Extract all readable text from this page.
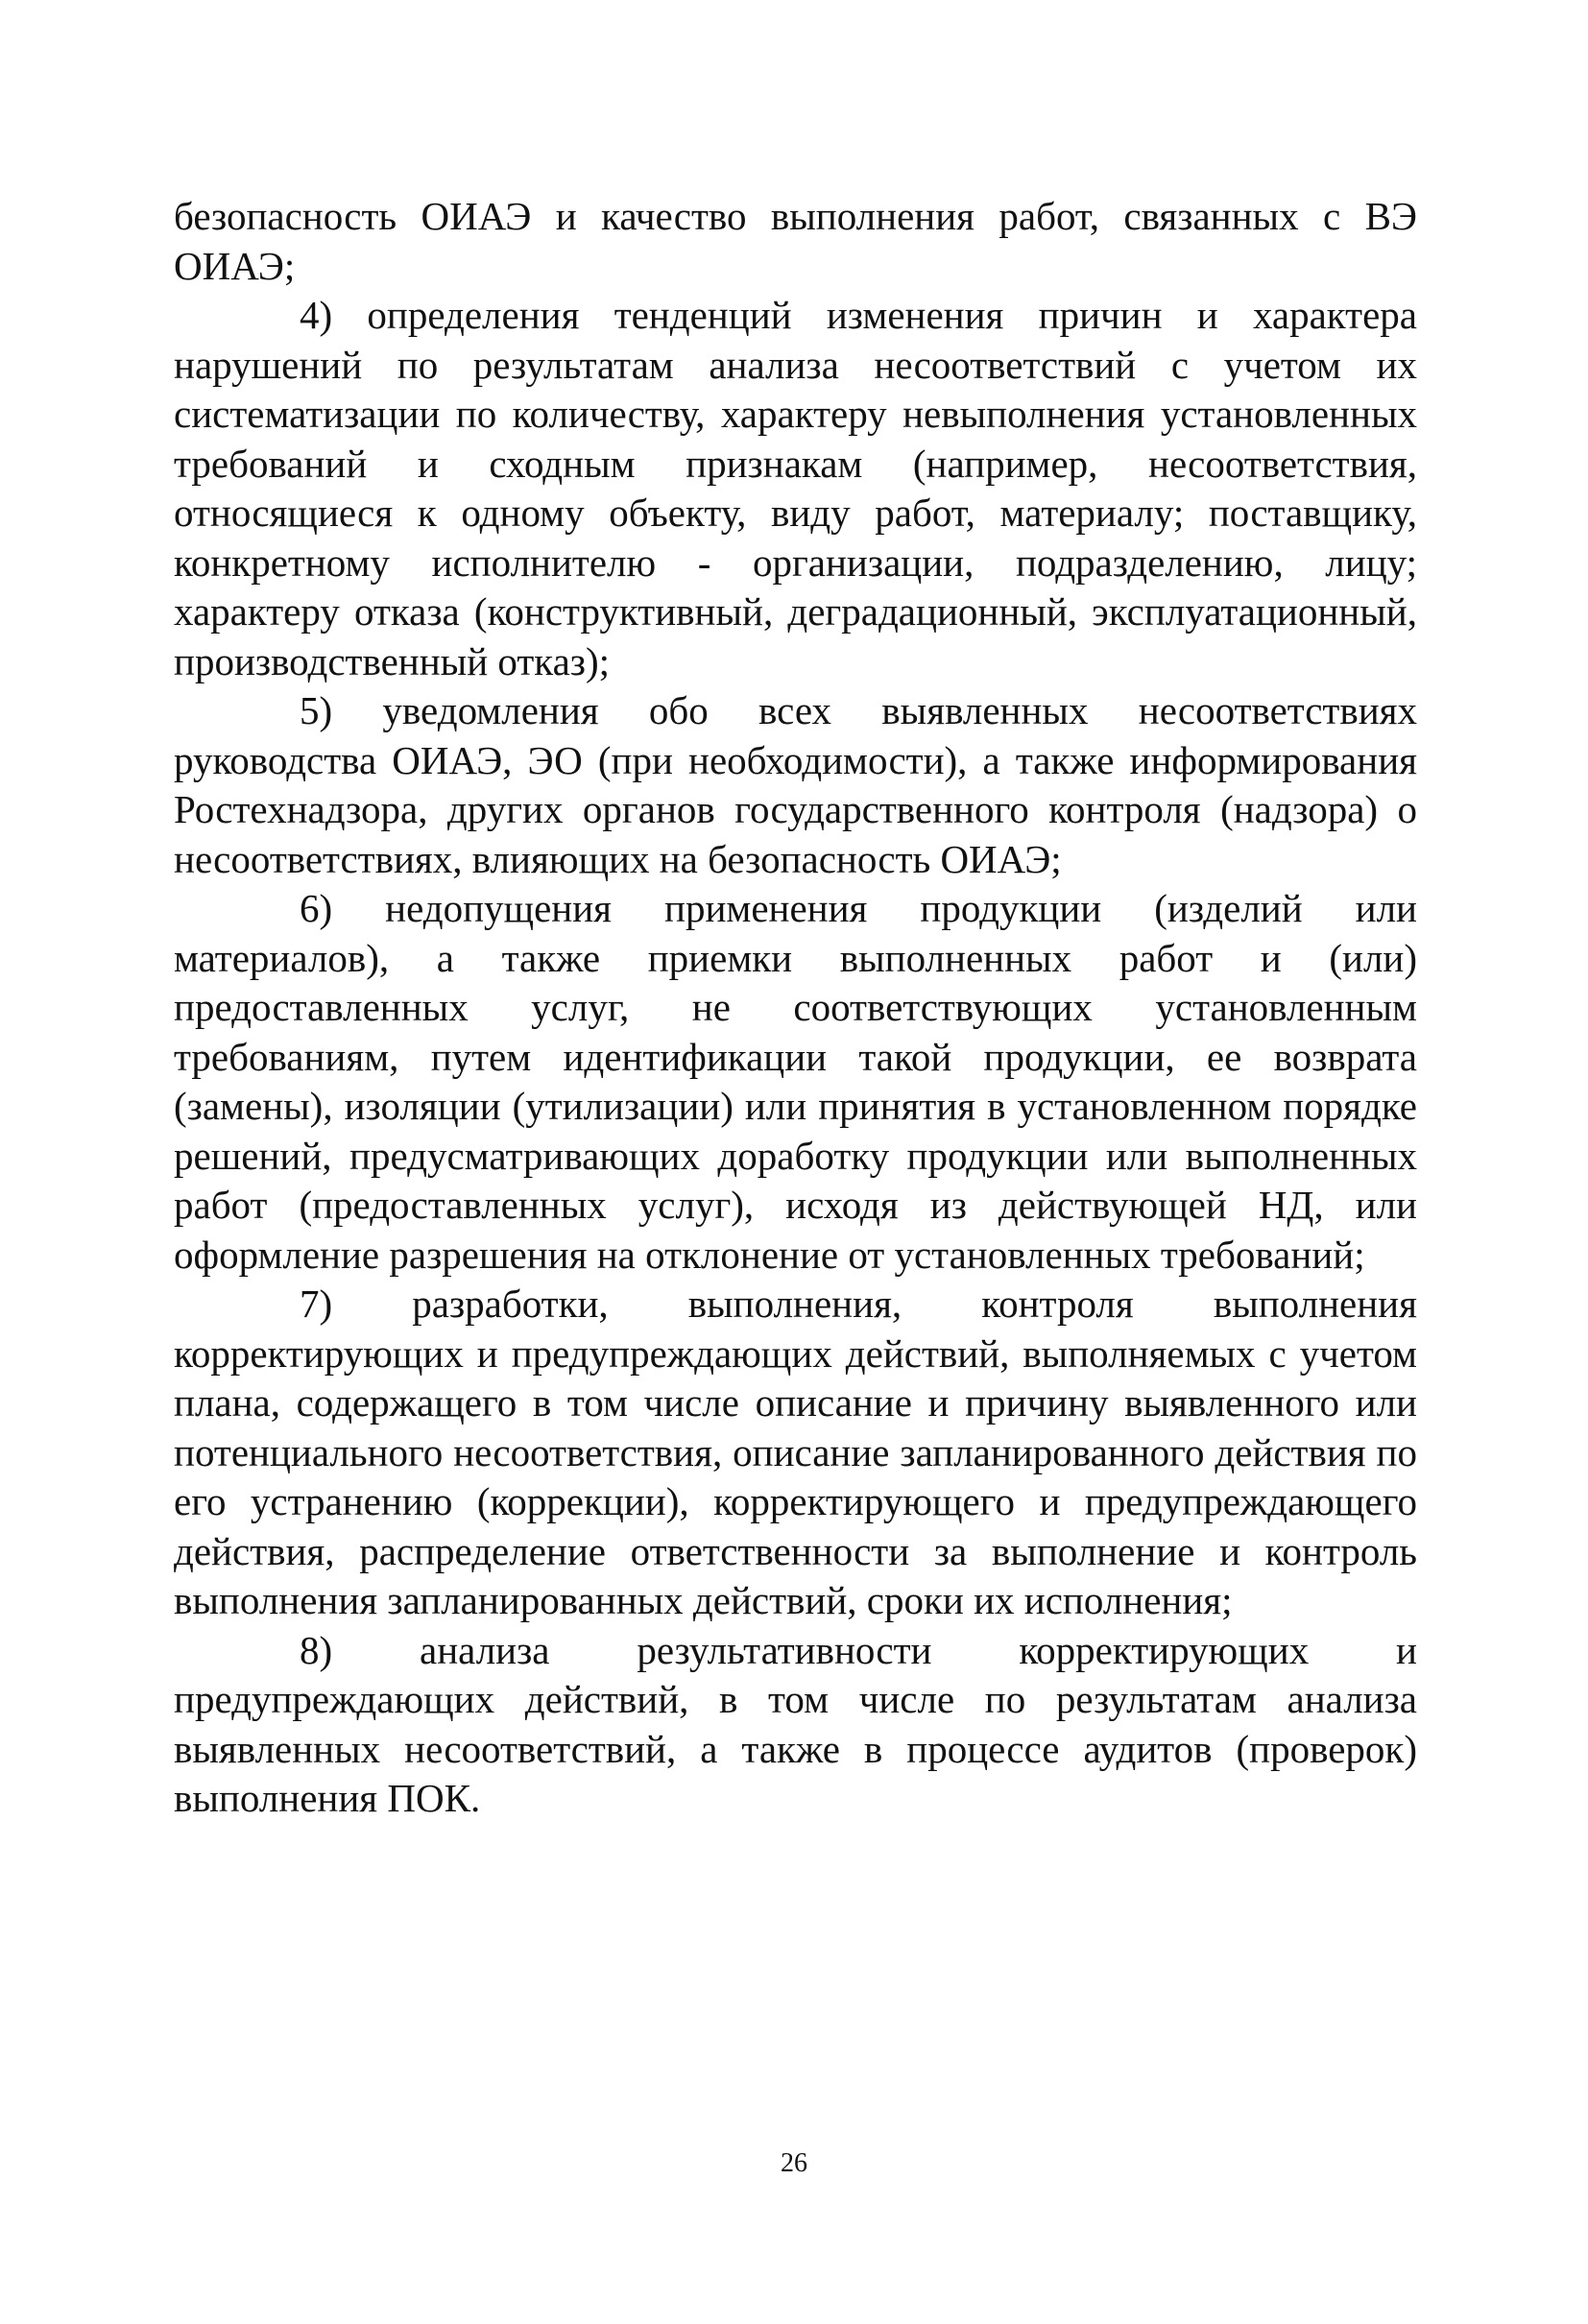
безопасность ОИАЭ и качество выполнения работ, связанных с ВЭ ОИАЭ;

4) определения тенденций изменения причин и характера нарушений по результатам анализа несоответствий с учетом их систематизации по количеству, характеру невыполнения установленных требований и сходным признакам (например, несоответствия, относящиеся к одному объекту, виду работ, материалу; поставщику, конкретному исполнителю - организации, подразделению, лицу; характеру отказа (конструктивный, деградационный, эксплуатационный, производственный отказ);

5) уведомления обо всех выявленных несоответствиях руководства ОИАЭ, ЭО (при необходимости), а также информирования Ростехнадзора, других органов государственного контроля (надзора) о несоответствиях, влияющих на безопасность ОИАЭ;

6) недопущения применения продукции (изделий или материалов), а также приемки выполненных работ и (или) предоставленных услуг, не соответствующих установленным требованиям, путем идентификации такой продукции, ее возврата (замены), изоляции (утилизации) или принятия в установленном порядке решений, предусматривающих доработку продукции или выполненных работ (предоставленных услуг), исходя из действующей НД, или оформление разрешения на отклонение от установленных требований;

7) разработки, выполнения, контроля выполнения корректирующих и предупреждающих действий, выполняемых с учетом плана, содержащего в том числе описание и причину выявленного или потенциального несоответствия, описание запланированного действия по его устранению (коррекции), корректирующего и предупреждающего действия, распределение ответственности за выполнение и контроль выполнения запланированных действий, сроки их исполнения;

8) анализа результативности корректирующих и предупреждающих действий, в том числе по результатам анализа выявленных несоответствий, а также в процессе аудитов (проверок) выполнения ПОК.

26
